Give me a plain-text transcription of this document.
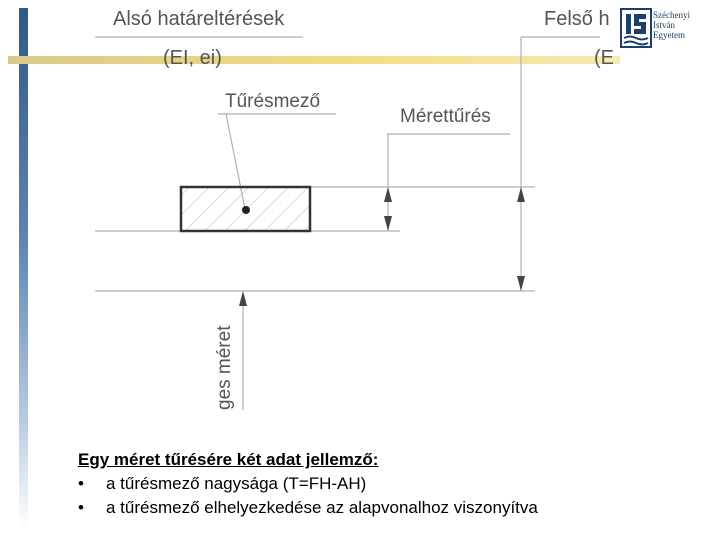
Alsó határeltérések
(EI, ei)
Felső h
(E
Tűrésmező
Mérettűrés
ges méret
Széchenyi
István
Egyetem
Egy méret tűrésére két adat jellemző:
•	a tűrésmező nagysága (T=FH-AH)
•	a tűrésmező elhelyezkedése az alapvonalhoz viszonyítva
